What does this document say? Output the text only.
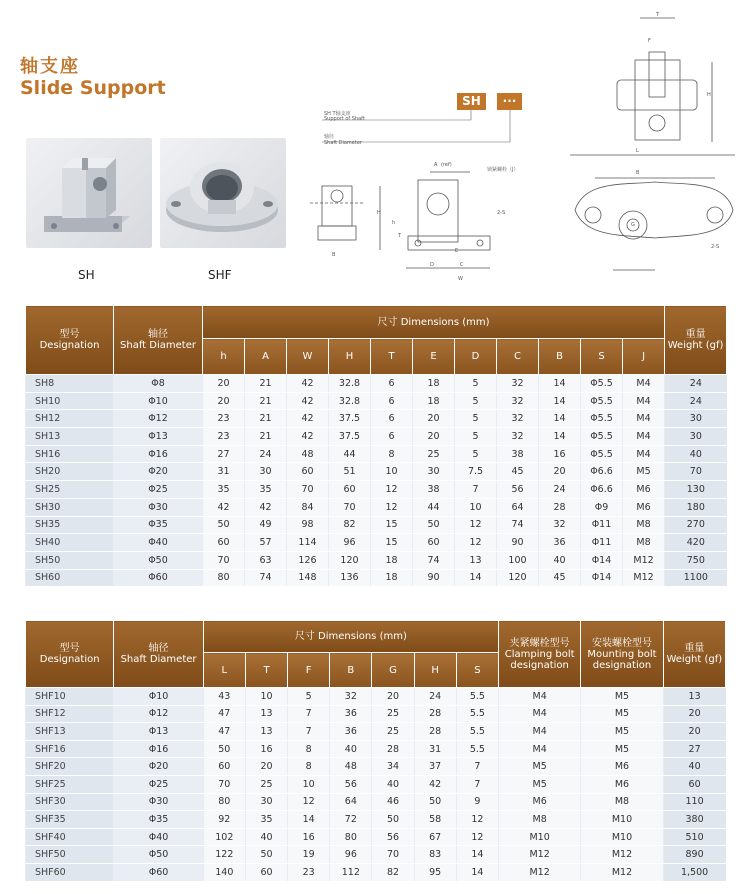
轴支座
Slide Support
SH	SHF
SH	···
SH T轴支座
Support of Shaft
轴径
Shaft Diameter
A (ref)
锁紧螺栓（J）
2-S
B
H
h
T
E
D	C
W
T
F
H
L
B
G
2-S
型号
Designation	轴径
Shaft Diameter	尺寸 Dimensions (mm)											重量
Weight (gf)
		h	A	W	H	T	E	D	C	B	S	J	
SH8	Φ8	20	21	42	32.8	6	18	5	32	14	Φ5.5	M4	24
SH10	Φ10	20	21	42	32.8	6	18	5	32	14	Φ5.5	M4	24
SH12	Φ12	23	21	42	37.5	6	20	5	32	14	Φ5.5	M4	30
SH13	Φ13	23	21	42	37.5	6	20	5	32	14	Φ5.5	M4	30
SH16	Φ16	27	24	48	44	8	25	5	38	16	Φ5.5	M4	40
SH20	Φ20	31	30	60	51	10	30	7.5	45	20	Φ6.6	M5	70
SH25	Φ25	35	35	70	60	12	38	7	56	24	Φ6.6	M6	130
SH30	Φ30	42	42	84	70	12	44	10	64	28	Φ9	M6	180
SH35	Φ35	50	49	98	82	15	50	12	74	32	Φ11	M8	270
SH40	Φ40	60	57	114	96	15	60	12	90	36	Φ11	M8	420
SH50	Φ50	70	63	126	120	18	74	13	100	40	Φ14	M12	750
SH60	Φ60	80	74	148	136	18	90	14	120	45	Φ14	M12	1100
型号
Designation	轴径
Shaft Diameter	尺寸 Dimensions (mm)							夹紧螺栓型号
Clamping bolt designation	安装螺栓型号
Mounting bolt designation	重量
Weight (gf)
		L	T	F	B	G	H	S			
SHF10	Φ10	43	10	5	32	20	24	5.5	M4	M5	13
SHF12	Φ12	47	13	7	36	25	28	5.5	M4	M5	20
SHF13	Φ13	47	13	7	36	25	28	5.5	M4	M5	20
SHF16	Φ16	50	16	8	40	28	31	5.5	M4	M5	27
SHF20	Φ20	60	20	8	48	34	37	7	M5	M6	40
SHF25	Φ25	70	25	10	56	40	42	7	M5	M6	60
SHF30	Φ30	80	30	12	64	46	50	9	M6	M8	110
SHF35	Φ35	92	35	14	72	50	58	12	M8	M10	380
SHF40	Φ40	102	40	16	80	56	67	12	M10	M10	510
SHF50	Φ50	122	50	19	96	70	83	14	M12	M12	890
SHF60	Φ60	140	60	23	112	82	95	14	M12	M12	1,500
